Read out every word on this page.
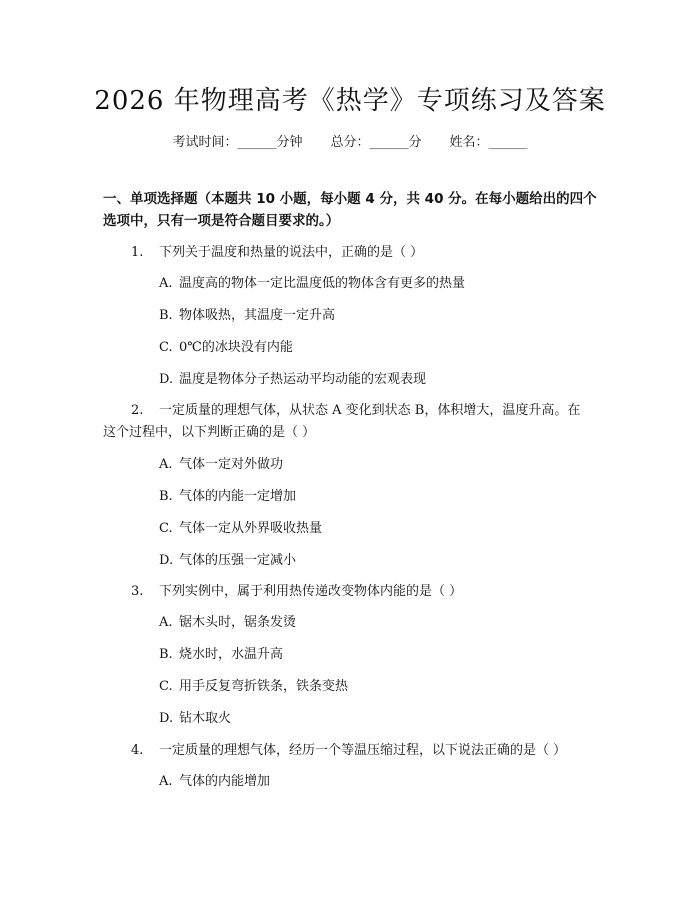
2026 年物理高考《热学》专项练习及答案
考试时间：______分钟 总分：______分 姓名：______
一、单项选择题（本题共 10 小题，每小题 4 分，共 40 分。在每小题给出的四个选项中，只有一项是符合题目要求的。）
1. 下列关于温度和热量的说法中，正确的是（ ）
A. 温度高的物体一定比温度低的物体含有更多的热量
B. 物体吸热，其温度一定升高
C. 0℃的冰块没有内能
D. 温度是物体分子热运动平均动能的宏观表现
2. 一定质量的理想气体，从状态 A 变化到状态 B，体积增大，温度升高。在
这个过程中，以下判断正确的是（ ）
A. 气体一定对外做功
B. 气体的内能一定增加
C. 气体一定从外界吸收热量
D. 气体的压强一定减小
3. 下列实例中，属于利用热传递改变物体内能的是（ ）
A. 锯木头时，锯条发烫
B. 烧水时，水温升高
C. 用手反复弯折铁条，铁条变热
D. 钻木取火
4. 一定质量的理想气体，经历一个等温压缩过程，以下说法正确的是（ ）
A. 气体的内能增加
